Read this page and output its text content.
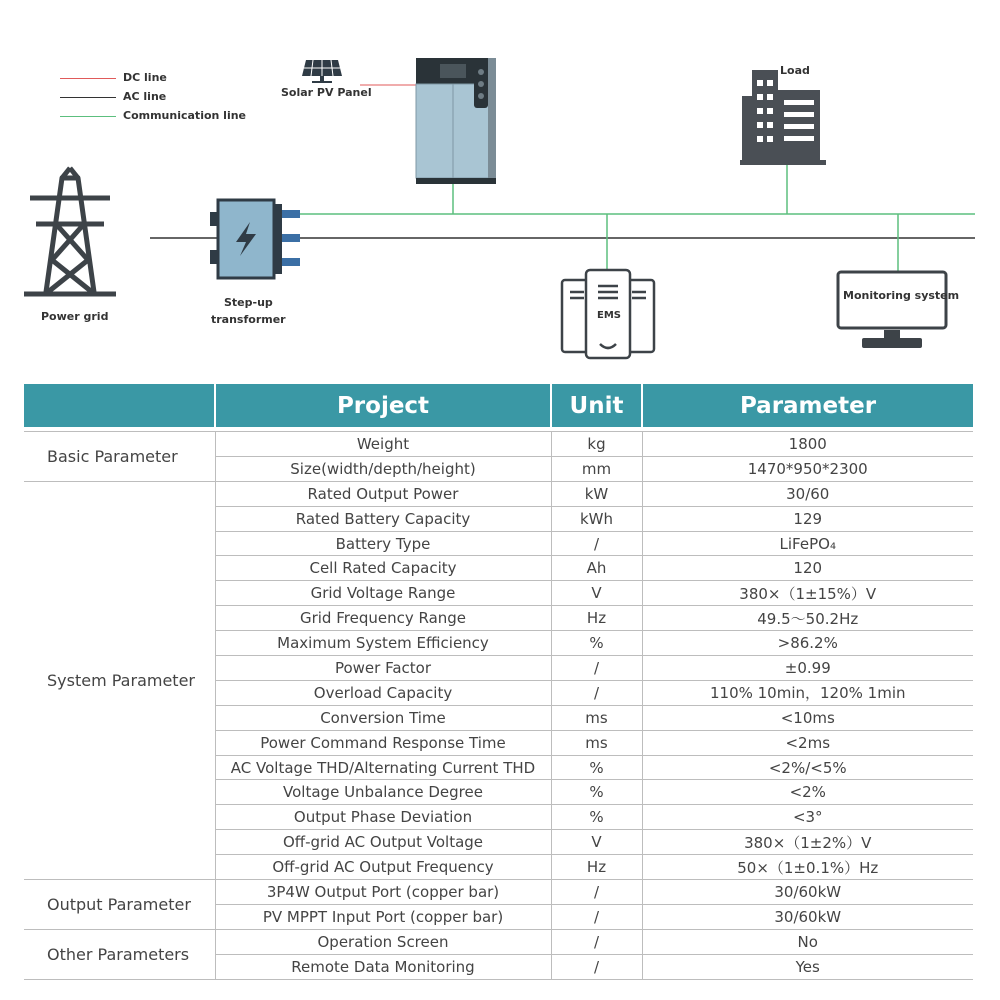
DC line
AC line
Communication line
Solar PV Panel
Load
Power grid
Step-up
transformer	EMS
Monitoring system
	Project	Unit	Parameter

Basic Parameter	Weight	kg	1800
	Size(width/depth/height)	mm	1470*950*2300
System Parameter	Rated Output Power	kW	30/60
	Rated Battery Capacity	kWh	129
	Battery Type	/	LiFePO₄
	Cell Rated Capacity	Ah	120
	Grid Voltage Range	V	380×（1±15%）V
	Grid Frequency Range	Hz	49.5～50.2Hz
	Maximum System Efficiency	%	>86.2%
	Power Factor	/	±0.99
	Overload Capacity	/	110% 10min，120% 1min
	Conversion Time	ms	<10ms
	Power Command Response Time	ms	<2ms
	AC Voltage THD/Alternating Current THD	%	<2%/<5%
	Voltage Unbalance Degree	%	<2%
	Output Phase Deviation	%	<3°
	Off-grid AC Output Voltage	V	380×（1±2%）V
	Off-grid AC Output Frequency	Hz	50×（1±0.1%）Hz
Output Parameter	3P4W Output Port (copper bar)	/	30/60kW
	PV MPPT Input Port (copper bar)	/	30/60kW
Other Parameters	Operation Screen	/	No
	Remote Data Monitoring	/	Yes
